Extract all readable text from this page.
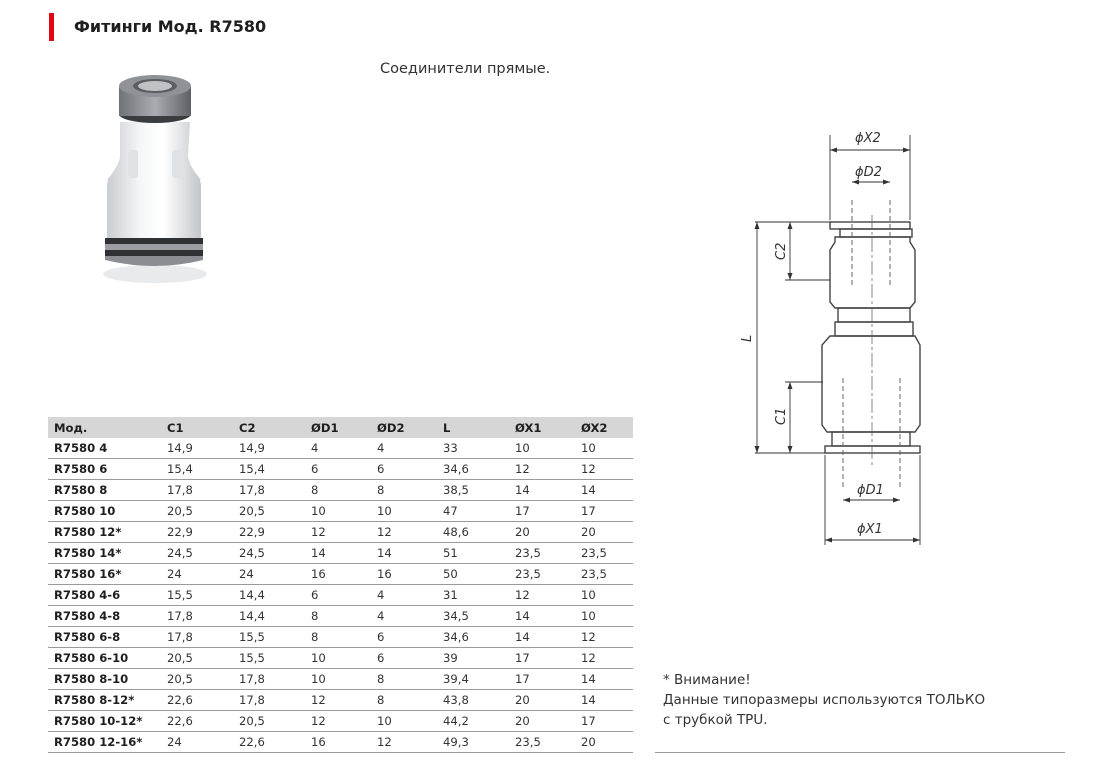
Фитинги Мод. R7580
Соединители прямые.
ϕX2
ϕD2
C2
L
C1
ϕD1
ϕX1
Мод.	C1	C2	ØD1	ØD2	L	ØX1	ØX2
R7580 4	14,9	14,9	4	4	33	10	10
R7580 6	15,4	15,4	6	6	34,6	12	12
R7580 8	17,8	17,8	8	8	38,5	14	14
R7580 10	20,5	20,5	10	10	47	17	17
R7580 12*	22,9	22,9	12	12	48,6	20	20
R7580 14*	24,5	24,5	14	14	51	23,5	23,5
R7580 16*	24	24	16	16	50	23,5	23,5
R7580 4-6	15,5	14,4	6	4	31	12	10
R7580 4-8	17,8	14,4	8	4	34,5	14	10
R7580 6-8	17,8	15,5	8	6	34,6	14	12
R7580 6-10	20,5	15,5	10	6	39	17	12
R7580 8-10	20,5	17,8	10	8	39,4	17	14
R7580 8-12*	22,6	17,8	12	8	43,8	20	14
R7580 10-12*	22,6	20,5	12	10	44,2	20	17
R7580 12-16*	24	22,6	16	12	49,3	23,5	20
* Внимание!
Данные типоразмеры используются ТОЛЬКО
с трубкой TPU.
